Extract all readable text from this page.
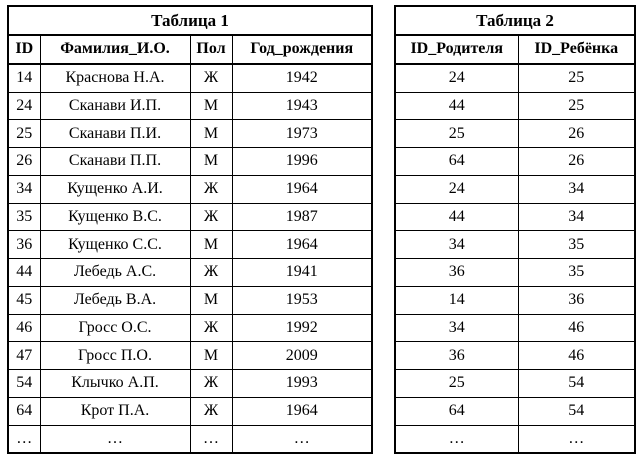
Таблица 1			
ID	Фамилия_И.О.	Пол	Год_рождения
14	Краснова Н.А.	Ж	1942
24	Сканави И.П.	М	1943
25	Сканави П.И.	М	1973
26	Сканави П.П.	М	1996
34	Кущенко А.И.	Ж	1964
35	Кущенко В.С.	Ж	1987
36	Кущенко С.С.	М	1964
44	Лебедь А.С.	Ж	1941
45	Лебедь В.А.	М	1953
46	Гросс О.С.	Ж	1992
47	Гросс П.О.	М	2009
54	Клычко А.П.	Ж	1993
64	Крот П.А.	Ж	1964
…	…	…	…
Таблица 2	
ID_Родителя	ID_Ребёнка
24	25
44	25
25	26
64	26
24	34
44	34
34	35
36	35
14	36
34	46
36	46
25	54
64	54
…	…
